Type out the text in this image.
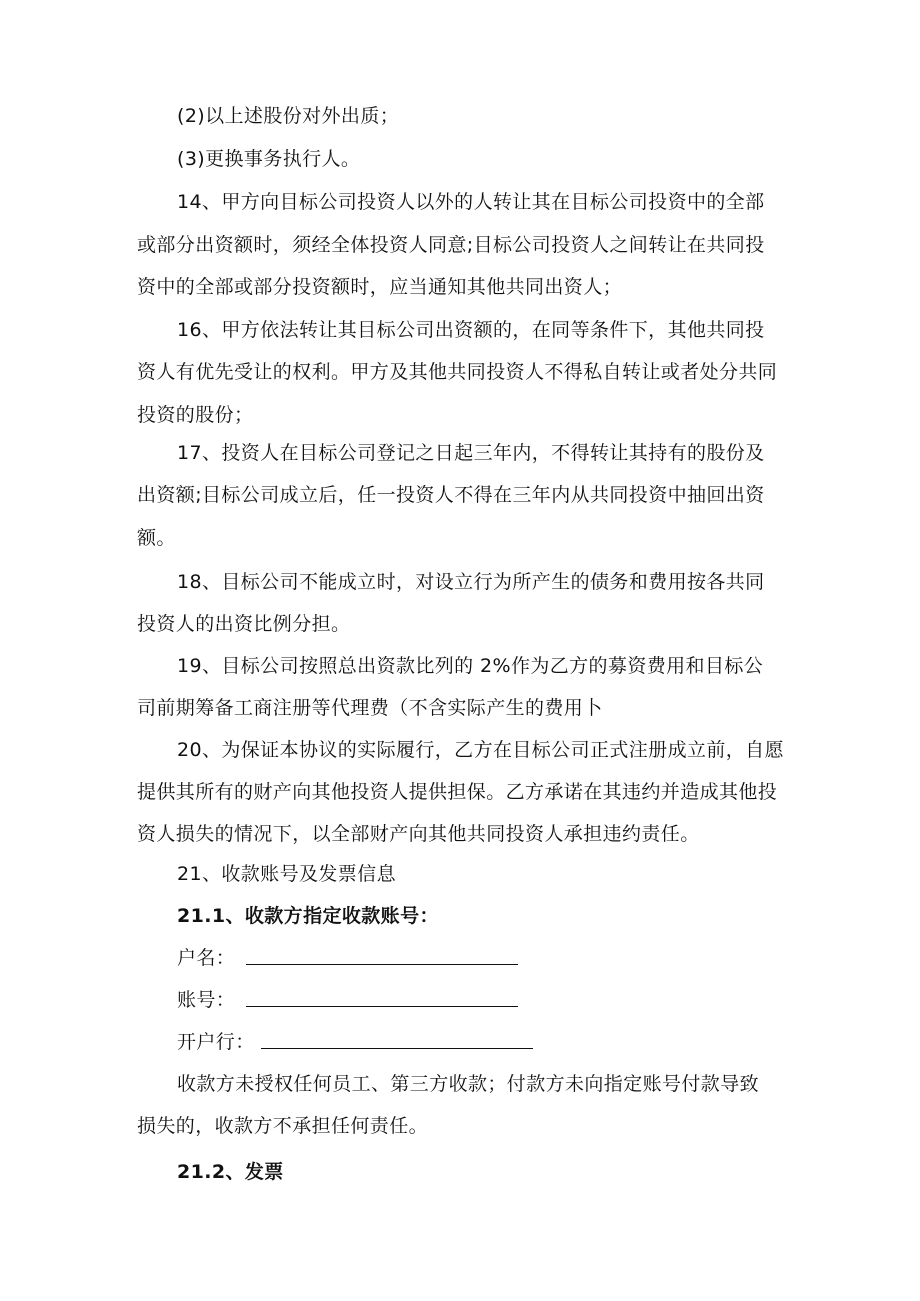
(2)以上述股份对外出质；
(3)更换事务执行人。
14、甲方向目标公司投资人以外的人转让其在目标公司投资中的全部
或部分出资额时，须经全体投资人同意;目标公司投资人之间转让在共同投
资中的全部或部分投资额时，应当通知其他共同出资人；
16、甲方依法转让其目标公司出资额的，在同等条件下，其他共同投
资人有优先受让的权利。甲方及其他共同投资人不得私自转让或者处分共同
投资的股份；
17、投资人在目标公司登记之日起三年内，不得转让其持有的股份及
出资额;目标公司成立后，任一投资人不得在三年内从共同投资中抽回出资
额。
18、目标公司不能成立时，对设立行为所产生的债务和费用按各共同
投资人的出资比例分担。
19、目标公司按照总出资款比列的 2%作为乙方的募资费用和目标公
司前期筹备工商注册等代理费（不含实际产生的费用卜
20、为保证本协议的实际履行，乙方在目标公司正式注册成立前，自愿
提供其所有的财产向其他投资人提供担保。乙方承诺在其违约并造成其他投
资人损失的情况下，以全部财产向其他共同投资人承担违约责任。
21、收款账号及发票信息
21.1、收款方指定收款账号：
户名：
账号：
开户行：
收款方未授权任何员工、第三方收款；付款方未向指定账号付款导致
损失的，收款方不承担任何责任。
21.2、发票
